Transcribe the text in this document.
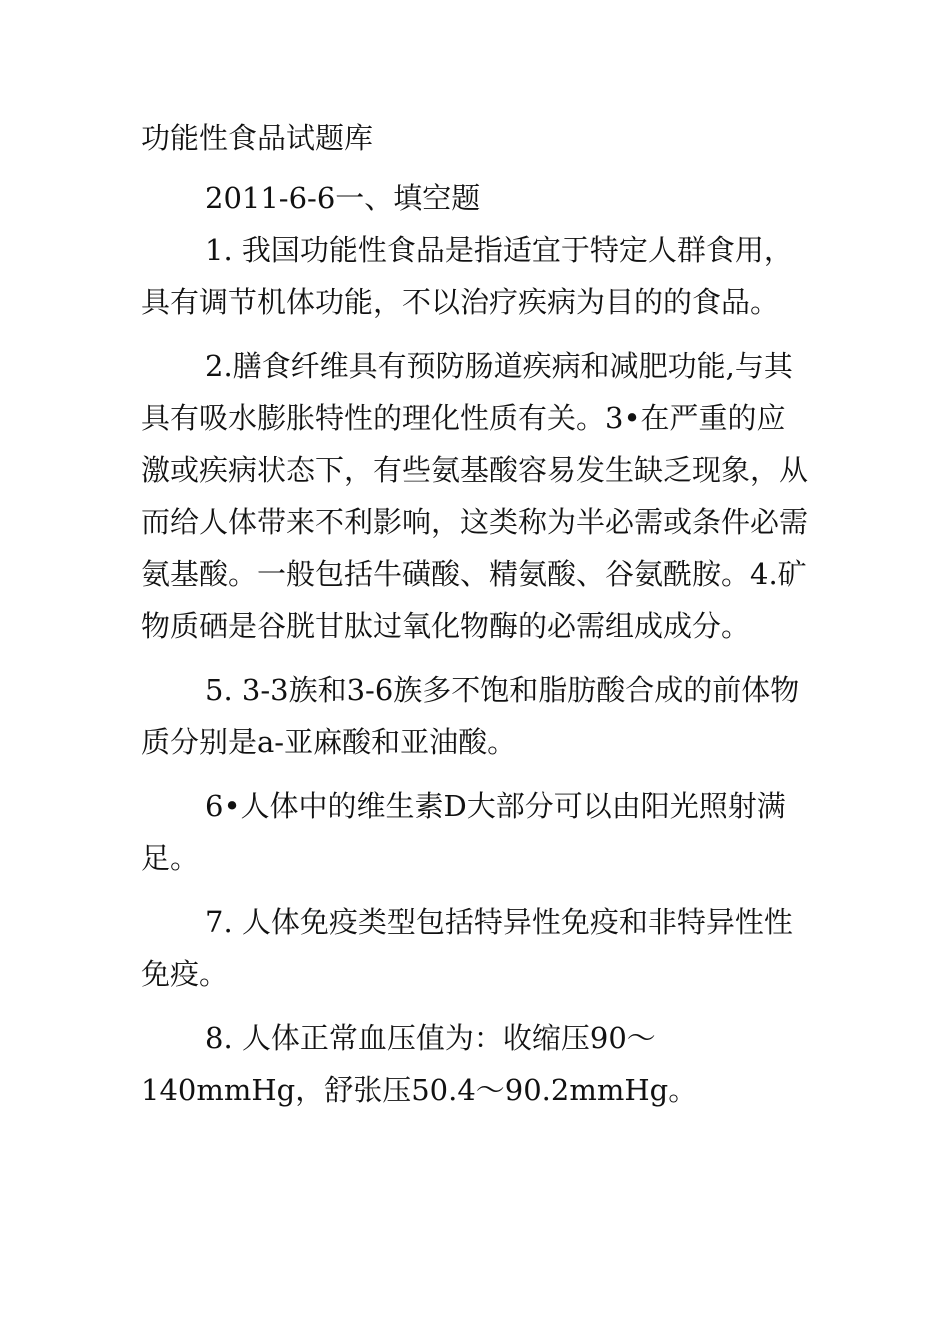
功能性食品试题库

2011-6-6一、填空题

1. 我国功能性食品是指适宜于特定人群食用，具有调节机体功能，不以治疗疾病为目的的食品。

2.膳食纤维具有预防肠道疾病和减肥功能,与其具有吸水膨胀特性的理化性质有关。3•在严重的应激或疾病状态下，有些氨基酸容易发生缺乏现象，从而给人体带来不利影响，这类称为半必需或条件必需氨基酸。一般包括牛磺酸、精氨酸、谷氨酰胺。4.矿物质硒是谷胱甘肽过氧化物酶的必需组成成分。

5. 3-3族和3-6族多不饱和脂肪酸合成的前体物质分别是a-亚麻酸和亚油酸。

6•人体中的维生素D大部分可以由阳光照射满足。

7. 人体免疫类型包括特异性免疫和非特异性性免疫。

8. 人体正常血压值为：收缩压90〜140mmHg，舒张压50.4〜90.2mmHg。
